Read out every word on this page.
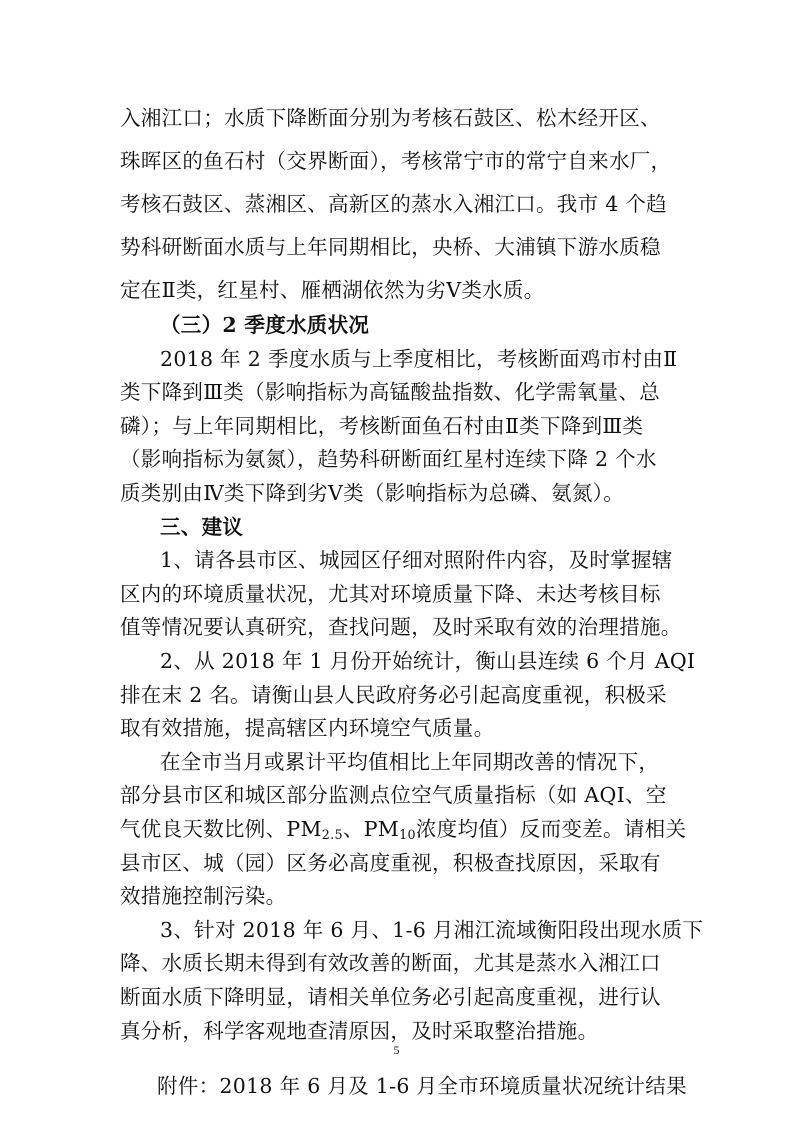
入湘江口；水质下降断面分别为考核石鼓区、松木经开区、
珠晖区的鱼石村（交界断面），考核常宁市的常宁自来水厂，
考核石鼓区、蒸湘区、高新区的蒸水入湘江口。我市 4 个趋
势科研断面水质与上年同期相比，央桥、大浦镇下游水质稳
定在Ⅱ类，红星村、雁栖湖依然为劣Ⅴ类水质。
（三）2 季度水质状况
2018 年 2 季度水质与上季度相比，考核断面鸡市村由Ⅱ
类下降到Ⅲ类（影响指标为高锰酸盐指数、化学需氧量、总
磷）；与上年同期相比，考核断面鱼石村由Ⅱ类下降到Ⅲ类
（影响指标为氨氮），趋势科研断面红星村连续下降 2 个水
质类别由Ⅳ类下降到劣Ⅴ类（影响指标为总磷、氨氮）。
三、建议
1、请各县市区、城园区仔细对照附件内容，及时掌握辖
区内的环境质量状况，尤其对环境质量下降、未达考核目标
值等情况要认真研究，查找问题，及时采取有效的治理措施。
2、从 2018 年 1 月份开始统计，衡山县连续 6 个月 AQI
排在末 2 名。请衡山县人民政府务必引起高度重视，积极采
取有效措施，提高辖区内环境空气质量。
在全市当月或累计平均值相比上年同期改善的情况下，
部分县市区和城区部分监测点位空气质量指标（如 AQI、空
气优良天数比例、$PM_{2.5}$、$PM_{10}$浓度均值）反而变差。请相关
县市区、城（园）区务必高度重视，积极查找原因，采取有
效措施控制污染。
3、针对 2018 年 6 月、1-6 月湘江流域衡阳段出现水质下
降、水质长期未得到有效改善的断面，尤其是蒸水入湘江口
断面水质下降明显，请相关单位务必引起高度重视，进行认
真分析，科学客观地查清原因，及时采取整治措施。
5
附件：2018 年 6 月及 1-6 月全市环境质量状况统计结果
